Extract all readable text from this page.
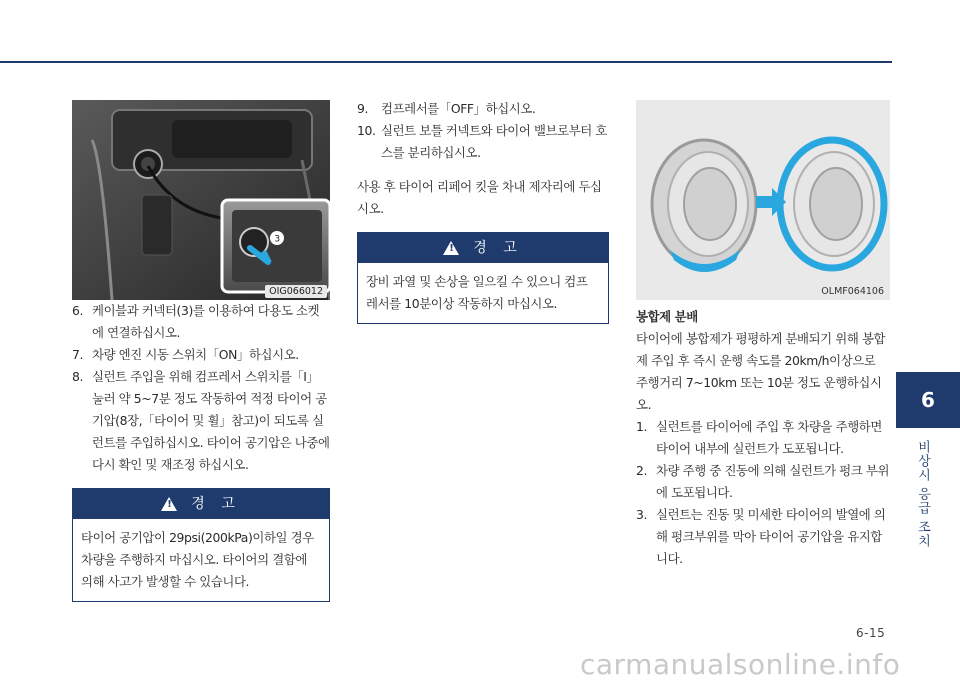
3
OIG066012
6. 케이블과 커넥터(3)를 이용하여 다용도 소켓에 연결하십시오.
7. 차량 엔진 시동 스위치「ON」하십시오.
8. 실런트 주입을 위해 컴프레서 스위치를「I」눌러 약 5~7분 정도 작동하여 적정 타이어 공기압(8장,「타이어 및 휠」참고)이 되도록 실런트를 주입하십시오. 타이어 공기압은 나중에 다시 확인 및 재조정 하십시오.
! 경 고
타이어 공기압이 29psi(200kPa)이하일 경우 차량을 주행하지 마십시오. 타이어의 결함에 의해 사고가 발생할 수 있습니다.
9.	컴프레서를「OFF」하십시오.
10. 실런트 보틀 커넥트와 타이어 밸브로부터 호스를 분리하십시오.
사용 후 타이어 리페어 킷을 차내 제자리에 두십시오.
! 경 고
장비 과열 및 손상을 일으킬 수 있으니 컴프레서를 10분이상 작동하지 마십시오.
OLMF064106
봉합제 분배
타이어에 봉합제가 평평하게 분배되기 위해 봉합제 주입 후 즉시 운행 속도를 20km/h이상으로 주행거리 7~10km 또는 10분 정도 운행하십시오.
1. 실런트를 타이어에 주입 후 차량을 주행하면 타이어 내부에 실런트가 도포됩니다.
2. 차량 주행 중 진동에 의해 실런트가 펑크 부위에 도포됩니다.
3. 실런트는 진동 및 미세한 타이어의 발열에 의해 펑크부위를 막아 타이어 공기압을 유지합니다.
6
비상시 응급 조치
6-15
carmanualsonline.info
